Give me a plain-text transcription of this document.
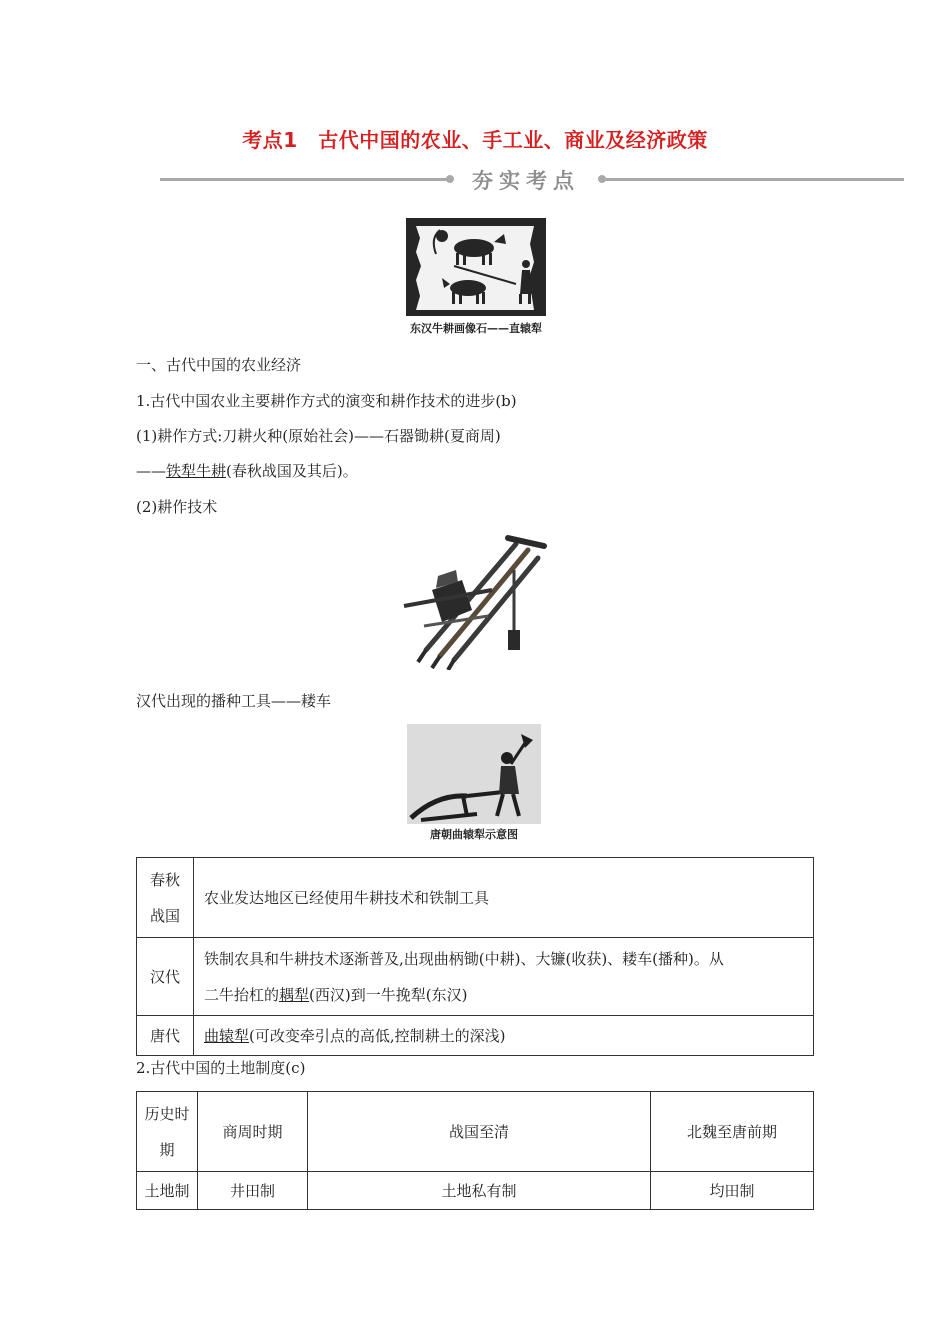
考点1　古代中国的农业、手工业、商业及经济政策
夯实考点
东汉牛耕画像石——直辕犁
一、古代中国的农业经济
1.古代中国农业主要耕作方式的演变和耕作技术的进步(b)
(1)耕作方式:刀耕火种(原始社会)——石器锄耕(夏商周)
——铁犁牛耕(春秋战国及其后)。
(2)耕作技术
汉代出现的播种工具——耧车
唐朝曲辕犁示意图
春秋
战国	农业发达地区已经使用牛耕技术和铁制工具
汉代	铁制农具和牛耕技术逐渐普及,出现曲柄锄(中耕)、大镰(收获)、耧车(播种)。从
二牛抬杠的耦犁(西汉)到一牛挽犁(东汉)
唐代	曲辕犁(可改变牵引点的高低,控制耕土的深浅)
2.古代中国的土地制度(c)
历史时
期	商周时期	战国至清	北魏至唐前期
土地制	井田制	土地私有制	均田制
